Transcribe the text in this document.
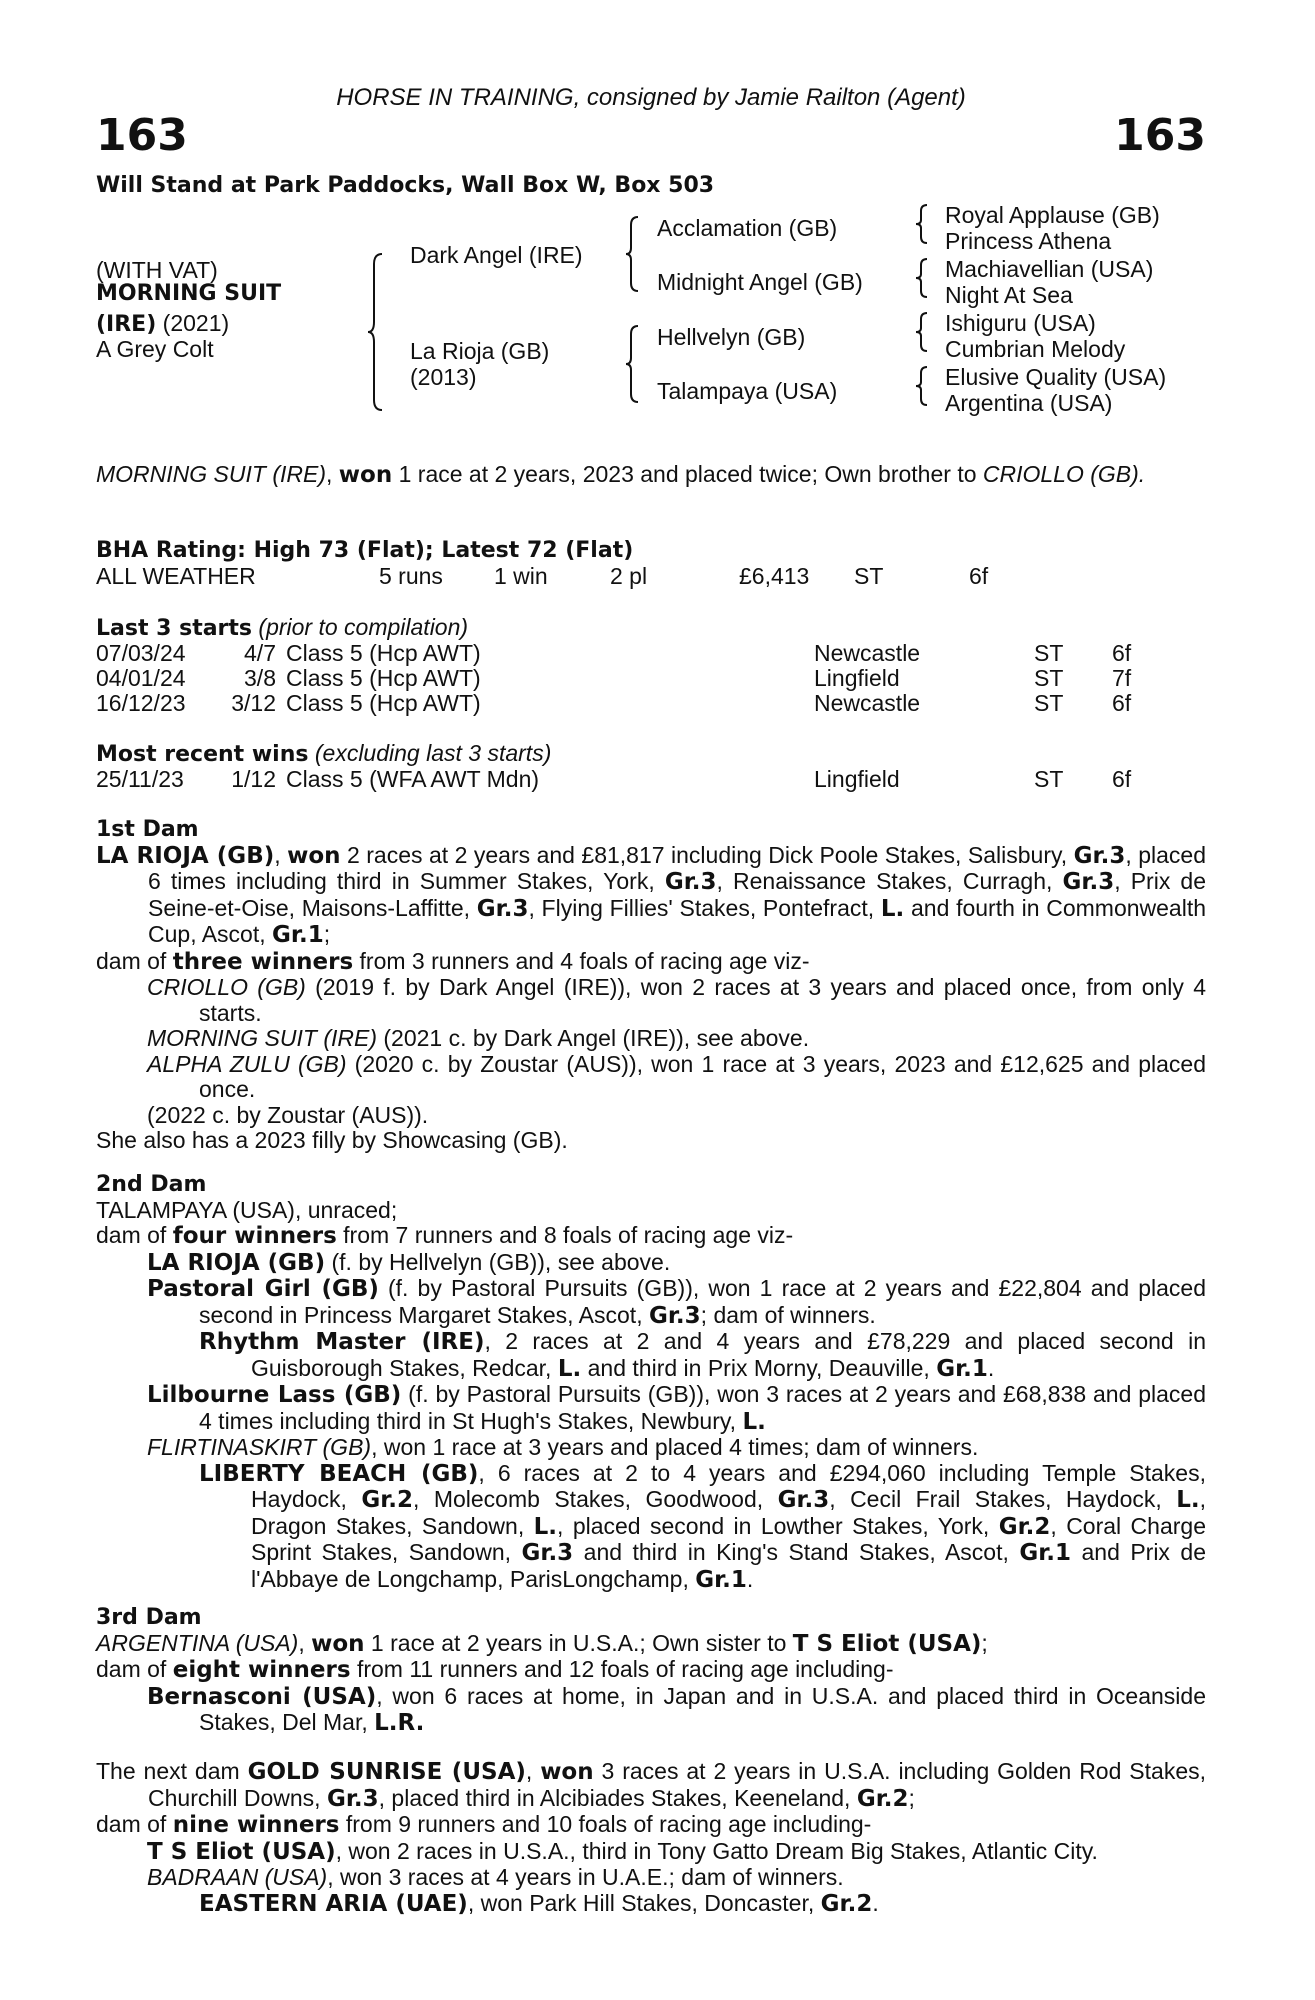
HORSE IN TRAINING, consigned by Jamie Railton (Agent)
163	163
Will Stand at Park Paddocks, Wall Box W, Box 503
(WITH VAT)
MORNING SUIT
(IRE) (2021)
A Grey Colt
Dark Angel (IRE)
La Rioja (GB)
(2013)
Acclamation (GB)
Midnight Angel (GB)
Hellvelyn (GB)
Talampaya (USA)
Royal Applause (GB)
Princess Athena
Machiavellian (USA)
Night At Sea
Ishiguru (USA)
Cumbrian Melody
Elusive Quality (USA)
Argentina (USA)

MORNING SUIT (IRE), won 1 race at 2 years, 2023 and placed twice; Own brother to CRIOLLO (GB).

BHA Rating: High 73 (Flat); Latest 72 (Flat)
ALL WEATHER	5 runs 1 win	2 pl	£6,413 ST	6f
Last 3 starts (prior to compilation)
07/03/24	4/7 Class 5 (Hcp AWT)	Newcastle	ST 6f
04/01/24	3/8 Class 5 (Hcp AWT)	Lingfield	ST 7f
16/12/23 3/12 Class 5 (Hcp AWT)	Newcastle	ST 6f
Most recent wins (excluding last 3 starts)
25/11/23 1/12 Class 5 (WFA AWT Mdn)	Lingfield	ST 6f

1st Dam

LA RIOJA (GB), won 2 races at 2 years and £81,817 including Dick Poole Stakes, Salisbury, Gr.3, placed 6 times including third in Summer Stakes, York, Gr.3, Renaissance Stakes, Curragh, Gr.3, Prix de Seine-et-Oise, Maisons-Laffitte, Gr.3, Flying Fillies' Stakes, Pontefract, L. and fourth in Commonwealth Cup, Ascot, Gr.1;

dam of three winners from 3 runners and 4 foals of racing age viz-

CRIOLLO (GB) (2019 f. by Dark Angel (IRE)), won 2 races at 3 years and placed once, from only 4 starts.

MORNING SUIT (IRE) (2021 c. by Dark Angel (IRE)), see above.

ALPHA ZULU (GB) (2020 c. by Zoustar (AUS)), won 1 race at 3 years, 2023 and £12,625 and placed once.

(2022 c. by Zoustar (AUS)).

She also has a 2023 filly by Showcasing (GB).

2nd Dam

TALAMPAYA (USA), unraced;

dam of four winners from 7 runners and 8 foals of racing age viz-

LA RIOJA (GB) (f. by Hellvelyn (GB)), see above.

Pastoral Girl (GB) (f. by Pastoral Pursuits (GB)), won 1 race at 2 years and £22,804 and placed second in Princess Margaret Stakes, Ascot, Gr.3; dam of winners.

Rhythm Master (IRE), 2 races at 2 and 4 years and £78,229 and placed second in Guisborough Stakes, Redcar, L. and third in Prix Morny, Deauville, Gr.1.

Lilbourne Lass (GB) (f. by Pastoral Pursuits (GB)), won 3 races at 2 years and £68,838 and placed 4 times including third in St Hugh's Stakes, Newbury, L.

FLIRTINASKIRT (GB), won 1 race at 3 years and placed 4 times; dam of winners.

LIBERTY BEACH (GB), 6 races at 2 to 4 years and £294,060 including Temple Stakes, Haydock, Gr.2, Molecomb Stakes, Goodwood, Gr.3, Cecil Frail Stakes, Haydock, L., Dragon Stakes, Sandown, L., placed second in Lowther Stakes, York, Gr.2, Coral Charge Sprint Stakes, Sandown, Gr.3 and third in King's Stand Stakes, Ascot, Gr.1 and Prix de l'Abbaye de Longchamp, ParisLongchamp, Gr.1.

3rd Dam

ARGENTINA (USA), won 1 race at 2 years in U.S.A.; Own sister to T S Eliot (USA);

dam of eight winners from 11 runners and 12 foals of racing age including-

Bernasconi (USA), won 6 races at home, in Japan and in U.S.A. and placed third in Oceanside Stakes, Del Mar, L.R.

The next dam GOLD SUNRISE (USA), won 3 races at 2 years in U.S.A. including Golden Rod Stakes, Churchill Downs, Gr.3, placed third in Alcibiades Stakes, Keeneland, Gr.2;

dam of nine winners from 9 runners and 10 foals of racing age including-

T S Eliot (USA), won 2 races in U.S.A., third in Tony Gatto Dream Big Stakes, Atlantic City.

BADRAAN (USA), won 3 races at 4 years in U.A.E.; dam of winners.

EASTERN ARIA (UAE), won Park Hill Stakes, Doncaster, Gr.2.
